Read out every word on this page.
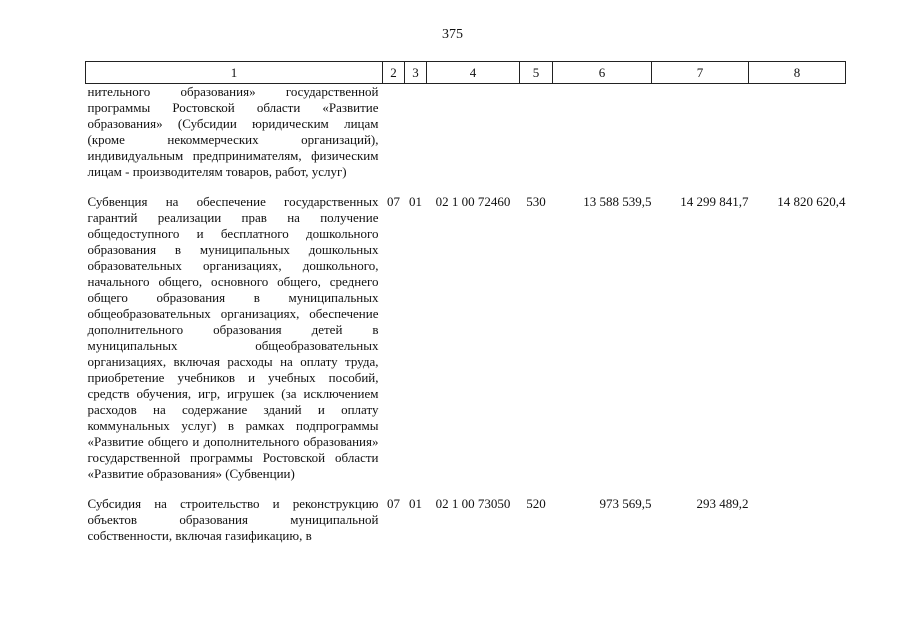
375
1	2	3	4	5	6	7	8
нительного образования» государственной программы Ростовской области «Развитие образования» (Субсидии юридическим лицам (кроме некоммерческих организаций), индивидуальным предпринимателям, физическим лицам - производителям товаров, работ, услуг)							
Субвенция на обеспечение государственных гарантий реализации прав на получение общедоступного и бесплатного дошкольного образования в муниципальных дошкольных образовательных организациях, дошкольного, начального общего, основного общего, среднего общего образования в муниципальных общеобразовательных организациях, обеспечение дополнительного образования детей в муниципальных общеобразовательных организациях, включая расходы на оплату труда, приобретение учебников и учебных пособий, средств обучения, игр, игрушек (за исключением расходов на содержание зданий и оплату коммунальных услуг) в рамках подпрограммы «Развитие общего и дополнительного образования» государственной программы Ростовской области «Развитие образования» (Субвенции)	07	01	02 1 00 72460	530	13 588 539,5	14 299 841,7	14 820 620,4
Субсидия на строительство и реконструкцию объектов образования муниципальной собственности, включая газификацию, в	07	01	02 1 00 73050	520	973 569,5	293 489,2	
